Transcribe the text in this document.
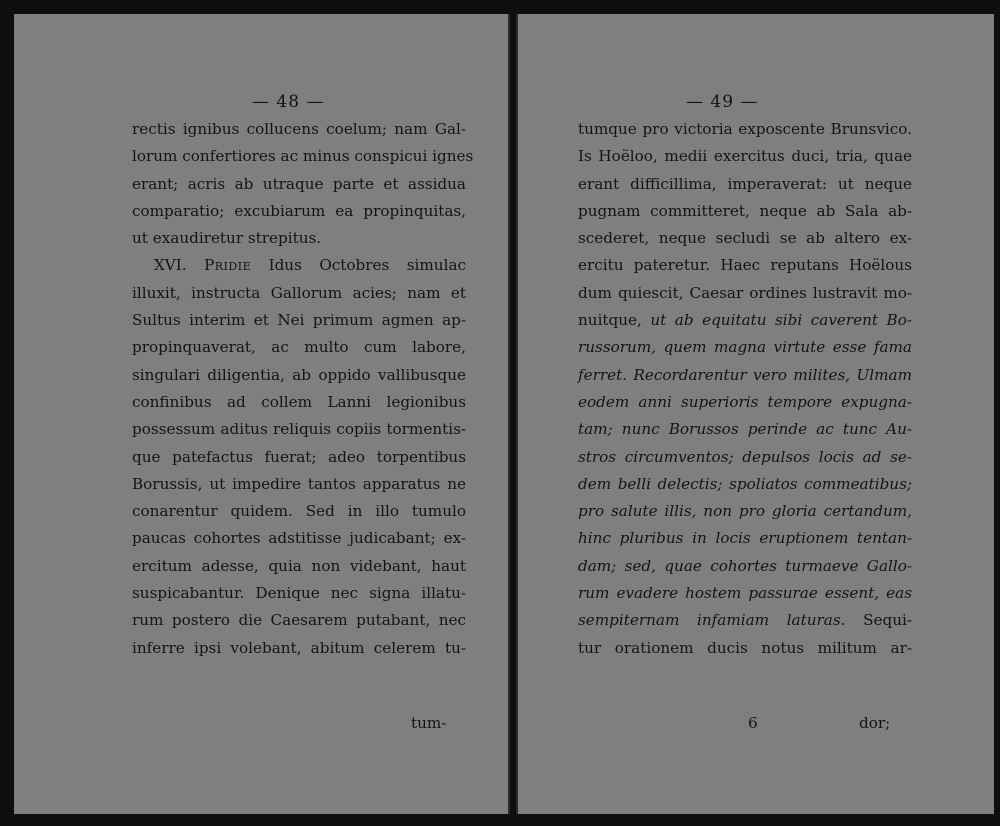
— 48 —
rectis ignibus collucens coelum; nam Gal-
lorum confertiores ac minus conspicui ignes
erant; acris ab utraque parte et assidua
comparatio; excubiarum ea propinquitas,
ut exaudiretur strepitus.
XVI. Pridie Idus Octobres simulac
illuxit, instructa Gallorum acies; nam et
Sultus interim et Nei primum agmen ap-
propinquaverat, ac multo cum labore,
singulari diligentia, ab oppido vallibusque
confinibus ad collem Lanni legionibus
possessum aditus reliquis copiis tormentis-
que patefactus fuerat; adeo torpentibus
Borussis, ut impedire tantos apparatus ne
conarentur quidem. Sed in illo tumulo
paucas cohortes adstitisse judicabant; ex-
ercitum adesse, quia non videbant, haut
suspicabantur. Denique nec signa illatu-
rum postero die Caesarem putabant, nec
inferre ipsi volebant, abitum celerem tu-
tum-
— 49 —
tumque pro victoria exposcente Brunsvico.
Is Hoëloo, medii exercitus duci, tria, quae
erant difficillima, imperaverat: ut neque
pugnam committeret, neque ab Sala ab-
scederet, neque secludi se ab altero ex-
ercitu pateretur. Haec reputans Hoëlous
dum quiescit, Caesar ordines lustravit mo-
nuitque, ut ab equitatu sibi caverent Bo-
russorum, quem magna virtute esse fama
ferret. Recordarentur vero milites, Ulmam
eodem anni superioris tempore expugna-
tam; nunc Borussos perinde ac tunc Au-
stros circumventos; depulsos locis ad se-
dem belli delectis; spoliatos commeatibus;
pro salute illis, non pro gloria certandum,
hinc pluribus in locis eruptionem tentan-
dam; sed, quae cohortes turmaeve Gallo-
rum evadere hostem passurae essent, eas
sempiternam infamiam laturas. Sequi-
tur orationem ducis notus militum ar-
6	dor;
